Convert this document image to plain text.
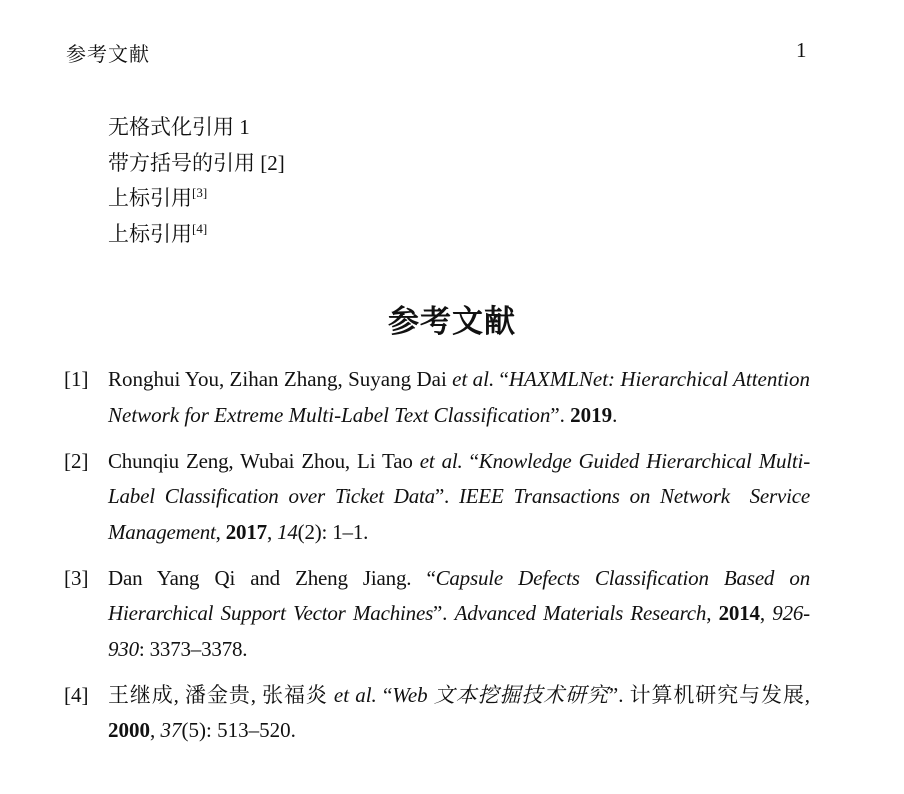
参考文献	1
无格式化引用 1
带方括号的引用 [2]
上标引用[3]
上标引用[4]
参考文献
[1] Ronghui You, Zihan Zhang, Suyang Dai et al. “HAXMLNet: Hierarchical Attention Network for Extreme Multi-Label Text Classification”. 2019.
[2] Chunqiu Zeng, Wubai Zhou, Li Tao et al. “Knowledge Guided Hierarchical Multi-Label Classification over Ticket Data”. IEEE Transactions on Network  Service Management, 2017, 14(2): 1–1.
[3] Dan Yang Qi and Zheng Jiang. “Capsule Defects Classification Based on Hierarchical Support Vector Machines”. Advanced Materials Research, 2014, 926-930: 3373–3378.
[4] 王继成, 潘金贵, 张福炎 et al. “Web 文本挖掘技术研究”. 计算机研究与发展, 2000, 37(5): 513–520.
